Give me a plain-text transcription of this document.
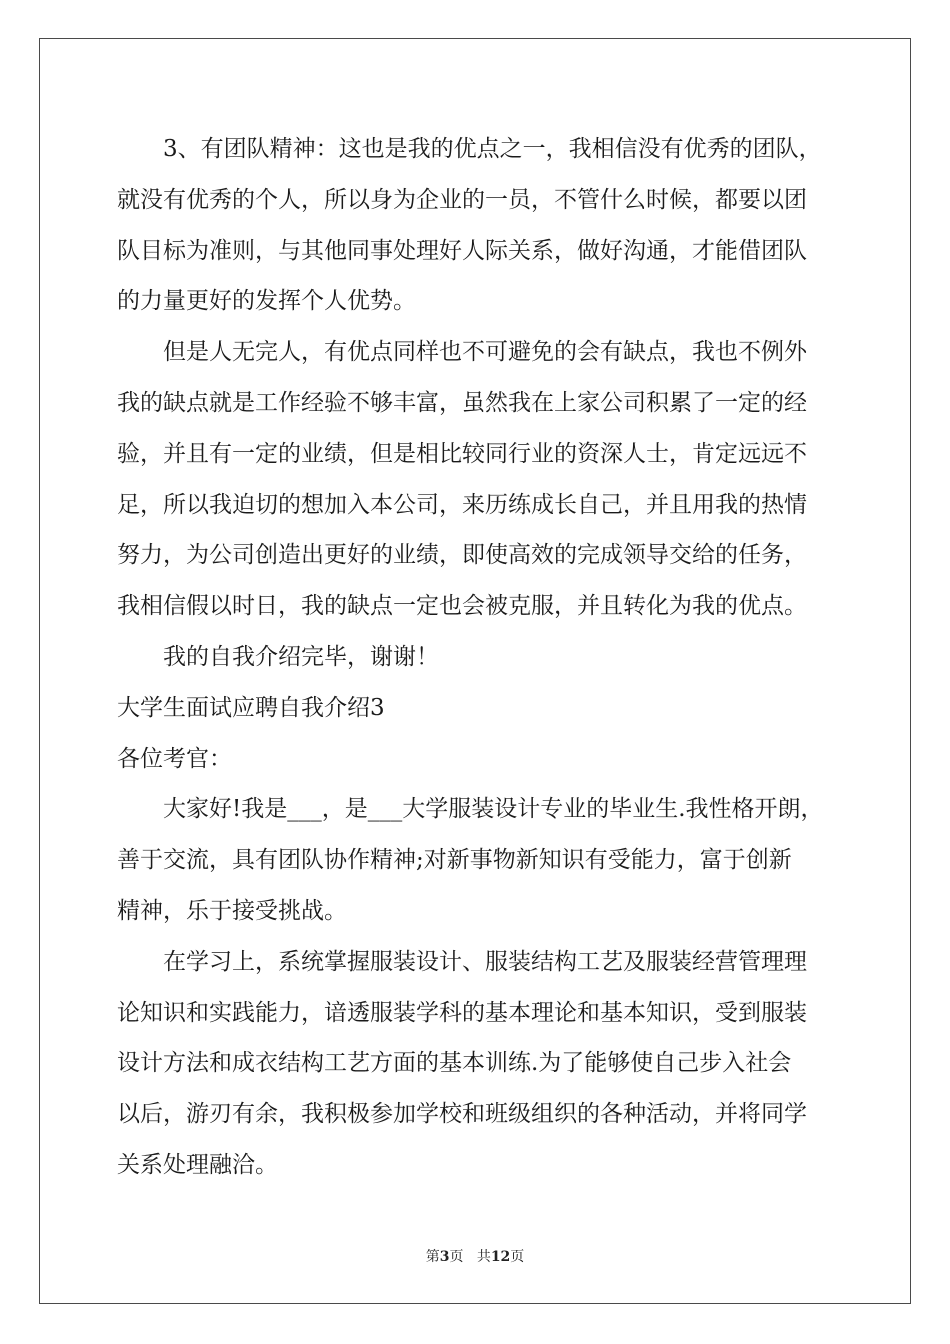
3、有团队精神：这也是我的优点之一，我相信没有优秀的团队，
就没有优秀的个人，所以身为企业的一员，不管什么时候，都要以团
队目标为准则，与其他同事处理好人际关系，做好沟通，才能借团队
的力量更好的发挥个人优势。
但是人无完人，有优点同样也不可避免的会有缺点，我也不例外
我的缺点就是工作经验不够丰富，虽然我在上家公司积累了一定的经
验，并且有一定的业绩，但是相比较同行业的资深人士，肯定远远不
足，所以我迫切的想加入本公司，来历练成长自己，并且用我的热情
努力，为公司创造出更好的业绩，即使高效的完成领导交给的任务，
我相信假以时日，我的缺点一定也会被克服，并且转化为我的优点。
我的自我介绍完毕，谢谢！
大学生面试应聘自我介绍3
各位考官：
大家好!我是___，是___大学服装设计专业的毕业生.我性格开朗，
善于交流，具有团队协作精神;对新事物新知识有受能力，富于创新
精神，乐于接受挑战。
在学习上，系统掌握服装设计、服装结构工艺及服装经营管理理
论知识和实践能力，谙透服装学科的基本理论和基本知识，受到服装
设计方法和成衣结构工艺方面的基本训练.为了能够使自己步入社会
以后，游刃有余，我积极参加学校和班级组织的各种活动，并将同学
关系处理融洽。
第3页 共12页
